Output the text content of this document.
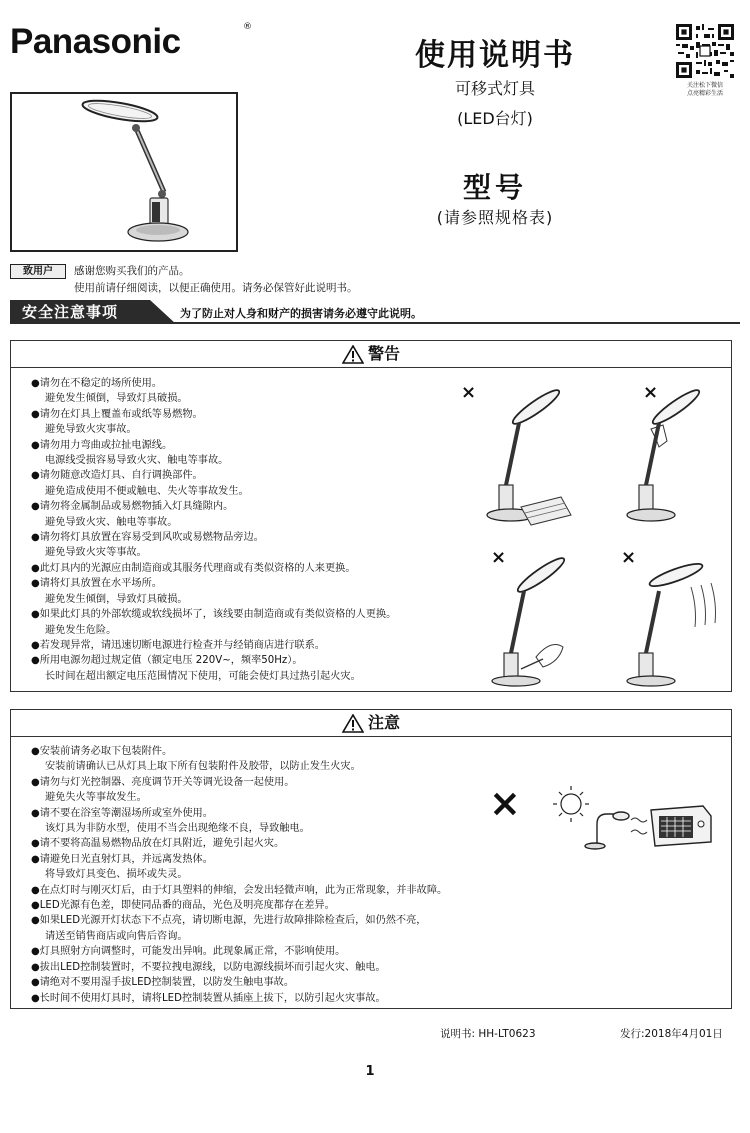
Panasonic	®
使用说明书
可移式灯具
(LED台灯)
型号
(请参照规格表)
关注松下微信
点亮精彩生活
致用户	感谢您购买我们的产品。
使用前请仔细阅读，以便正确使用。请务必保管好此说明书。
安全注意事项	为了防止对人身和财产的损害请务必遵守此说明。
警告
●请勿在不稳定的场所使用。
避免发生倾倒，导致灯具破损。
●请勿在灯具上覆盖布或纸等易燃物。
避免导致火灾事故。
●请勿用力弯曲或拉扯电源线。
电源线受损容易导致火灾、触电等事故。
●请勿随意改造灯具、自行调换部件。
避免造成使用不便或触电、失火等事故发生。
●请勿将金属制品或易燃物插入灯具缝隙内。
避免导致火灾、触电等事故。
●请勿将灯具放置在容易受到风吹或易燃物品旁边。
避免导致火灾等事故。
●此灯具内的光源应由制造商或其服务代理商或有类似资格的人来更换。
●请将灯具放置在水平场所。
避免发生倾倒，导致灯具破损。
●如果此灯具的外部软缆或软线损坏了，该线要由制造商或有类似资格的人更换。
避免发生危险。
●若发现异常，请迅速切断电源进行检查并与经销商店进行联系。
●所用电源勿超过规定值（额定电压 220V~，频率50Hz）。
长时间在超出额定电压范围情况下使用，可能会使灯具过热引起火灾。
×	×
×	×
注意
●安装前请务必取下包装附件。
安装前请确认已从灯具上取下所有包装附件及胶带，以防止发生火灾。
●请勿与灯光控制器、亮度调节开关等调光设备一起使用。
避免失火等事故发生。
●请不要在浴室等潮湿场所或室外使用。
该灯具为非防水型，使用不当会出现绝缘不良，导致触电。
●请不要将高温易燃物品放在灯具附近，避免引起火灾。
●请避免日光直射灯具，并远离发热体。
将导致灯具变色、损坏或失灵。
●在点灯时与刚灭灯后，由于灯具塑料的伸缩，会发出轻微声响，此为正常现象，并非故障。
●LED光源有色差，即使同品番的商品，光色及明亮度都存在差异。
●如果LED光源开灯状态下不点亮，请切断电源，先进行故障排除检查后，如仍然不亮，
请送至销售商店或向售后咨询。
●灯具照射方向调整时，可能发出异响。此现象属正常，不影响使用。
●拔出LED控制装置时，不要拉拽电源线，以防电源线损坏而引起火灾、触电。
●请绝对不要用湿手拔LED控制装置，以防发生触电事故。
●长时间不使用灯具时，请将LED控制装置从插座上拔下，以防引起火灾事故。
×
说明书: HH-LT0623	发行:2018年4月01日
1
